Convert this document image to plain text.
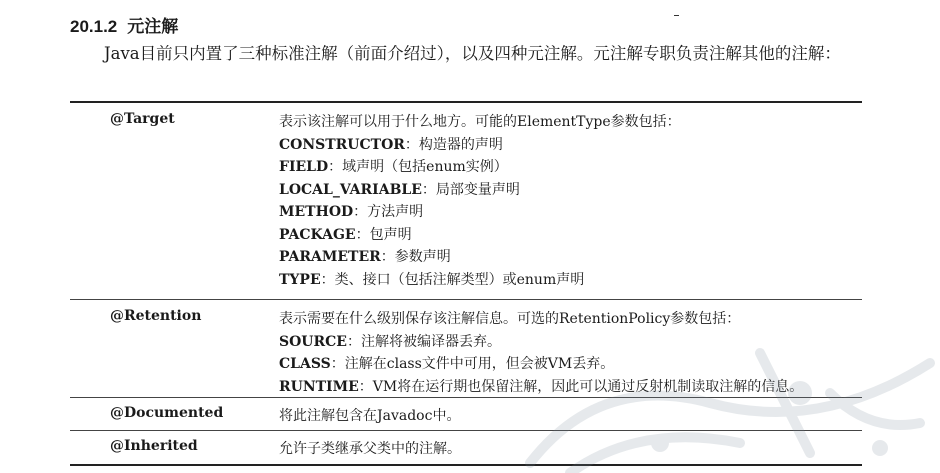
20.1.2 元注解
Java目前只内置了三种标准注解（前面介绍过），以及四种元注解。元注解专职负责注解其他的注解：
@Target	表示该注解可以用于什么地方。可能的ElementType参数包括：
CONSTRUCTOR：构造器的声明
FIELD：域声明（包括enum实例）
LOCAL_VARIABLE：局部变量声明
METHOD：方法声明
PACKAGE：包声明
PARAMETER：参数声明
TYPE：类、接口（包括注解类型）或enum声明
@Retention	表示需要在什么级别保存该注解信息。可选的RetentionPolicy参数包括：
SOURCE：注解将被编译器丢弃。
CLASS：注解在class文件中可用，但会被VM丢弃。
RUNTIME：VM将在运行期也保留注解，因此可以通过反射机制读取注解的信息。
@Documented	将此注解包含在Javadoc中。
@Inherited	允许子类继承父类中的注解。
